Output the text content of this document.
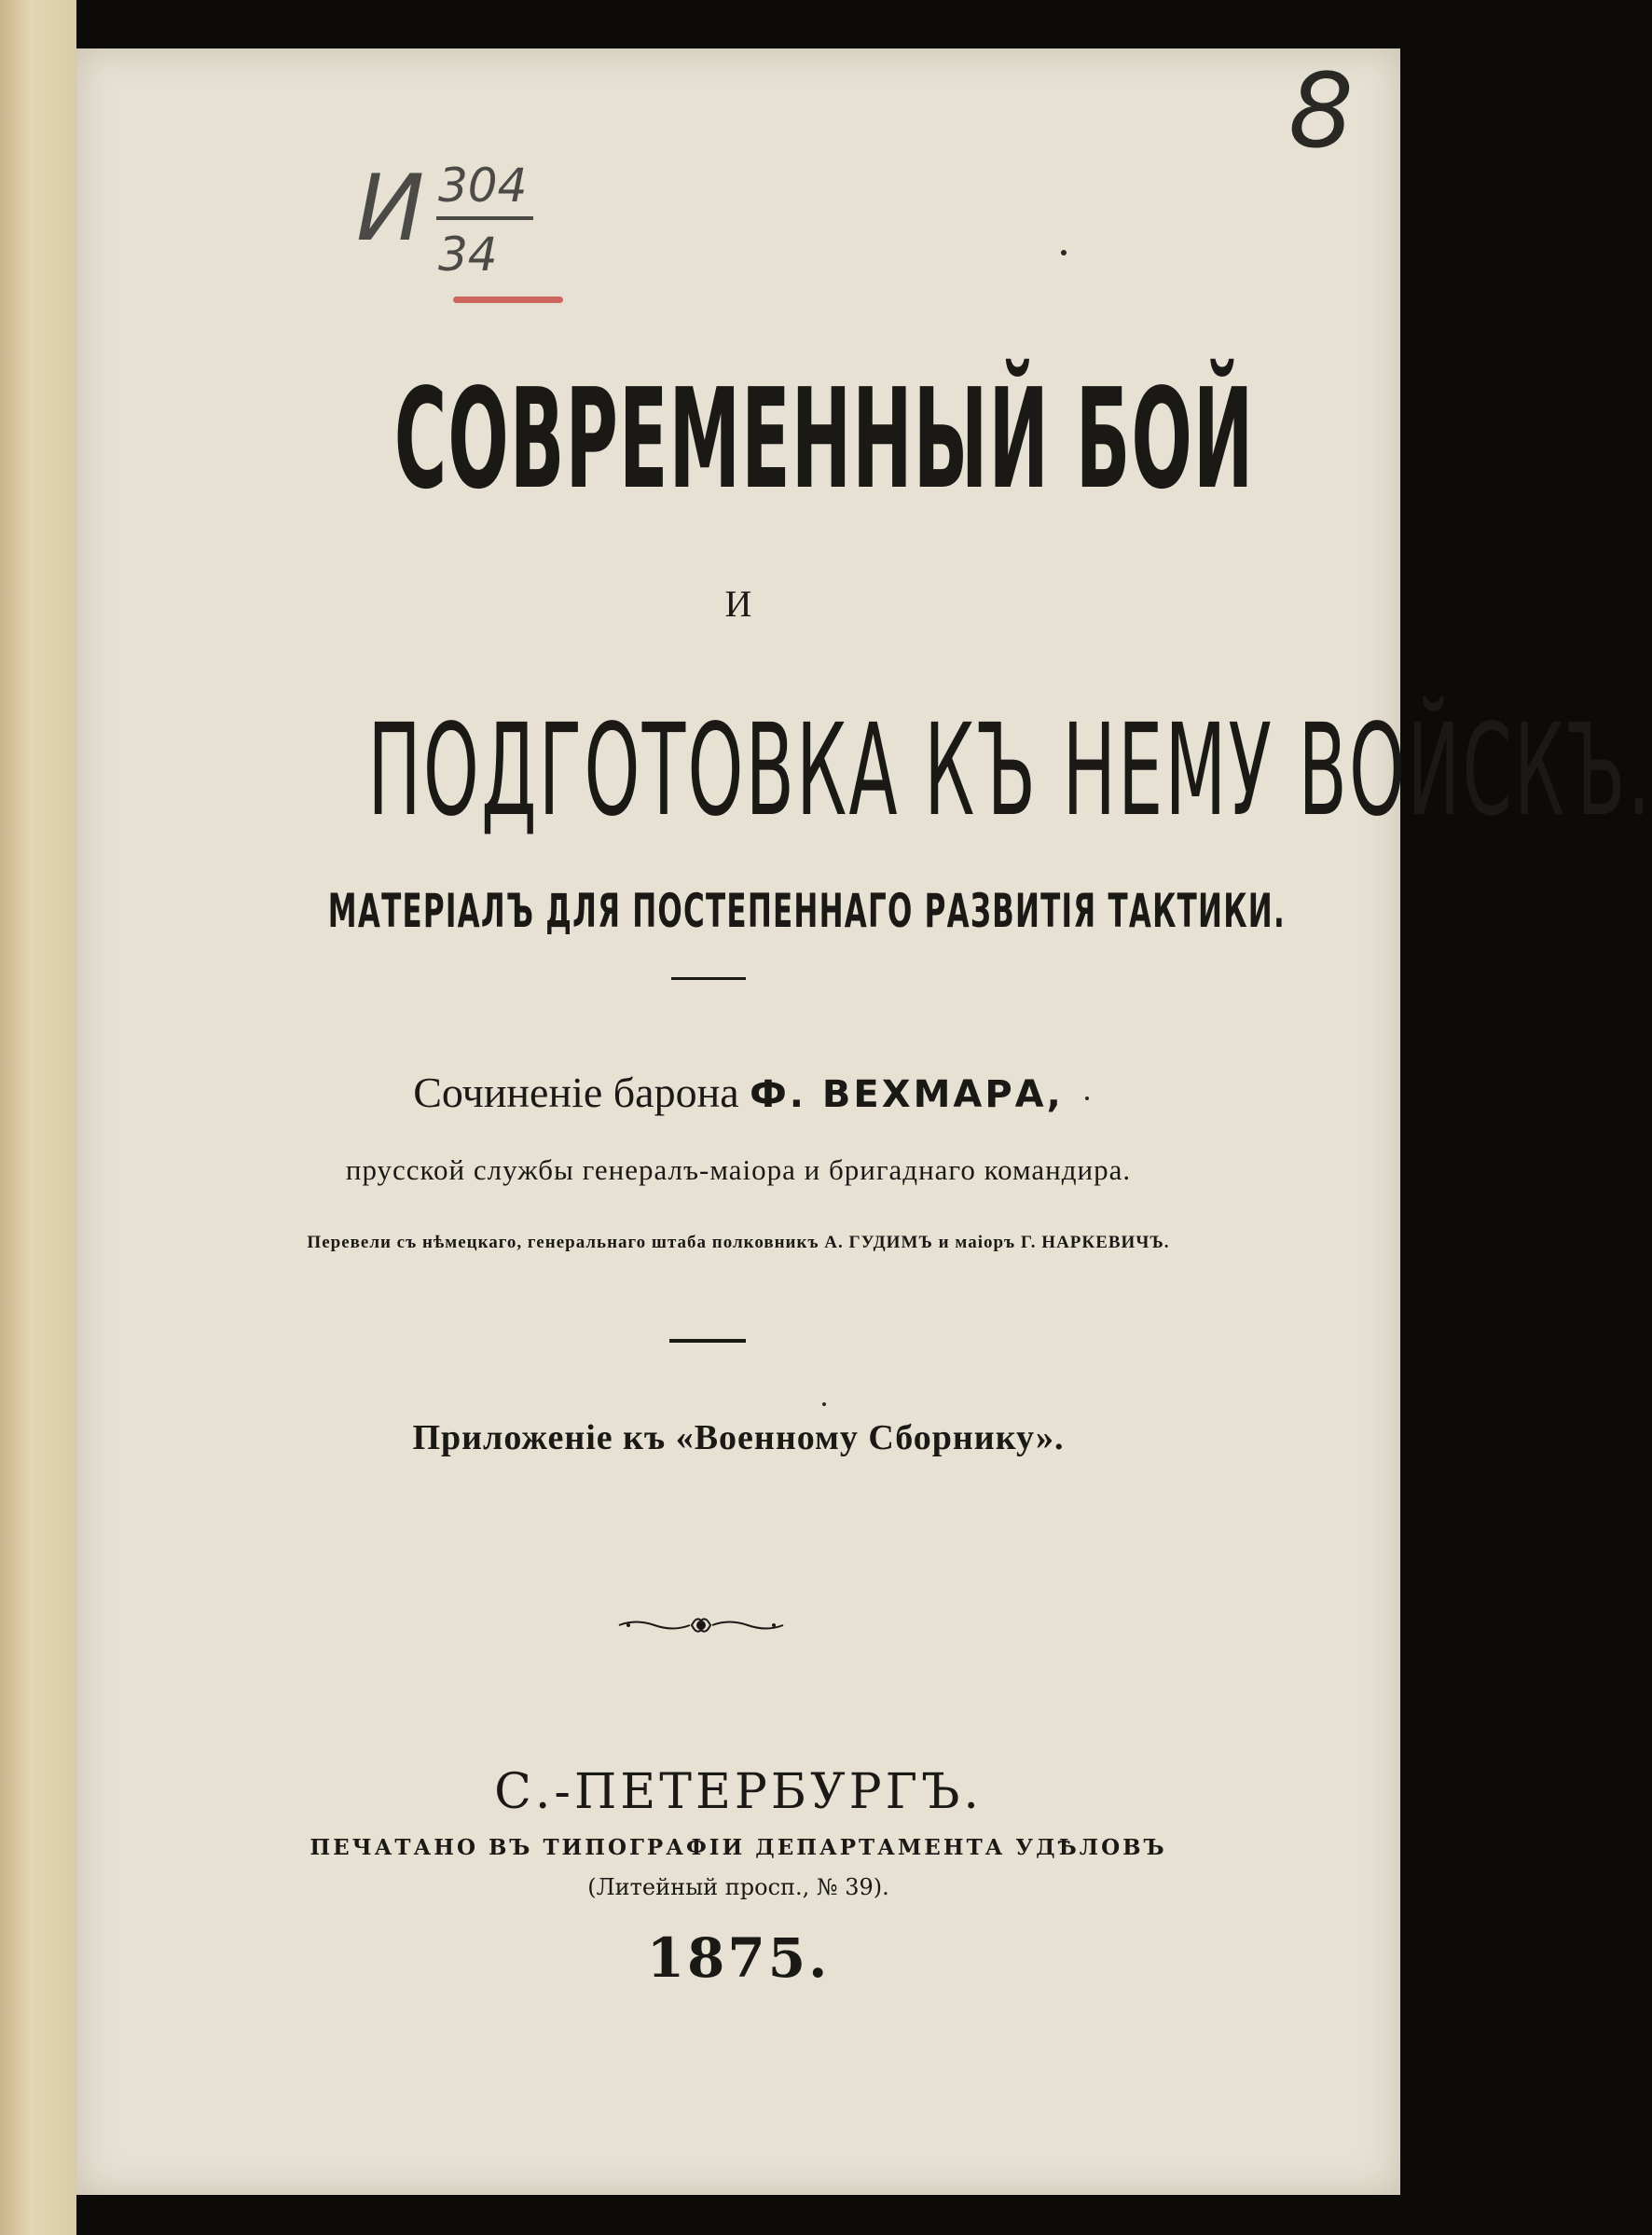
И 304
34
8
СОВРЕМЕННЫЙ БОЙ
И
ПОДГОТОВКА КЪ НЕМУ ВОЙСКЪ.
МАТЕРІАЛЪ ДЛЯ ПОСТЕПЕННАГО РАЗВИТІЯ ТАКТИКИ.
Сочиненіе барона Ф. ВЕХМАРА,
прусской службы генералъ-маіора и бригаднаго командира.
Перевели съ нѣмецкаго, генеральнаго штаба полковникъ А. ГУДИМЪ и маіоръ Г. НАРКЕВИЧЪ.
Приложеніе къ «Военному Сборнику».
С.-ПЕТЕРБУРГЪ.
ПЕЧАТАНО ВЪ ТИПОГРАФІИ ДЕПАРТАМЕНТА УДѢЛОВЪ
(Литейный просп., № 39).
1875.
